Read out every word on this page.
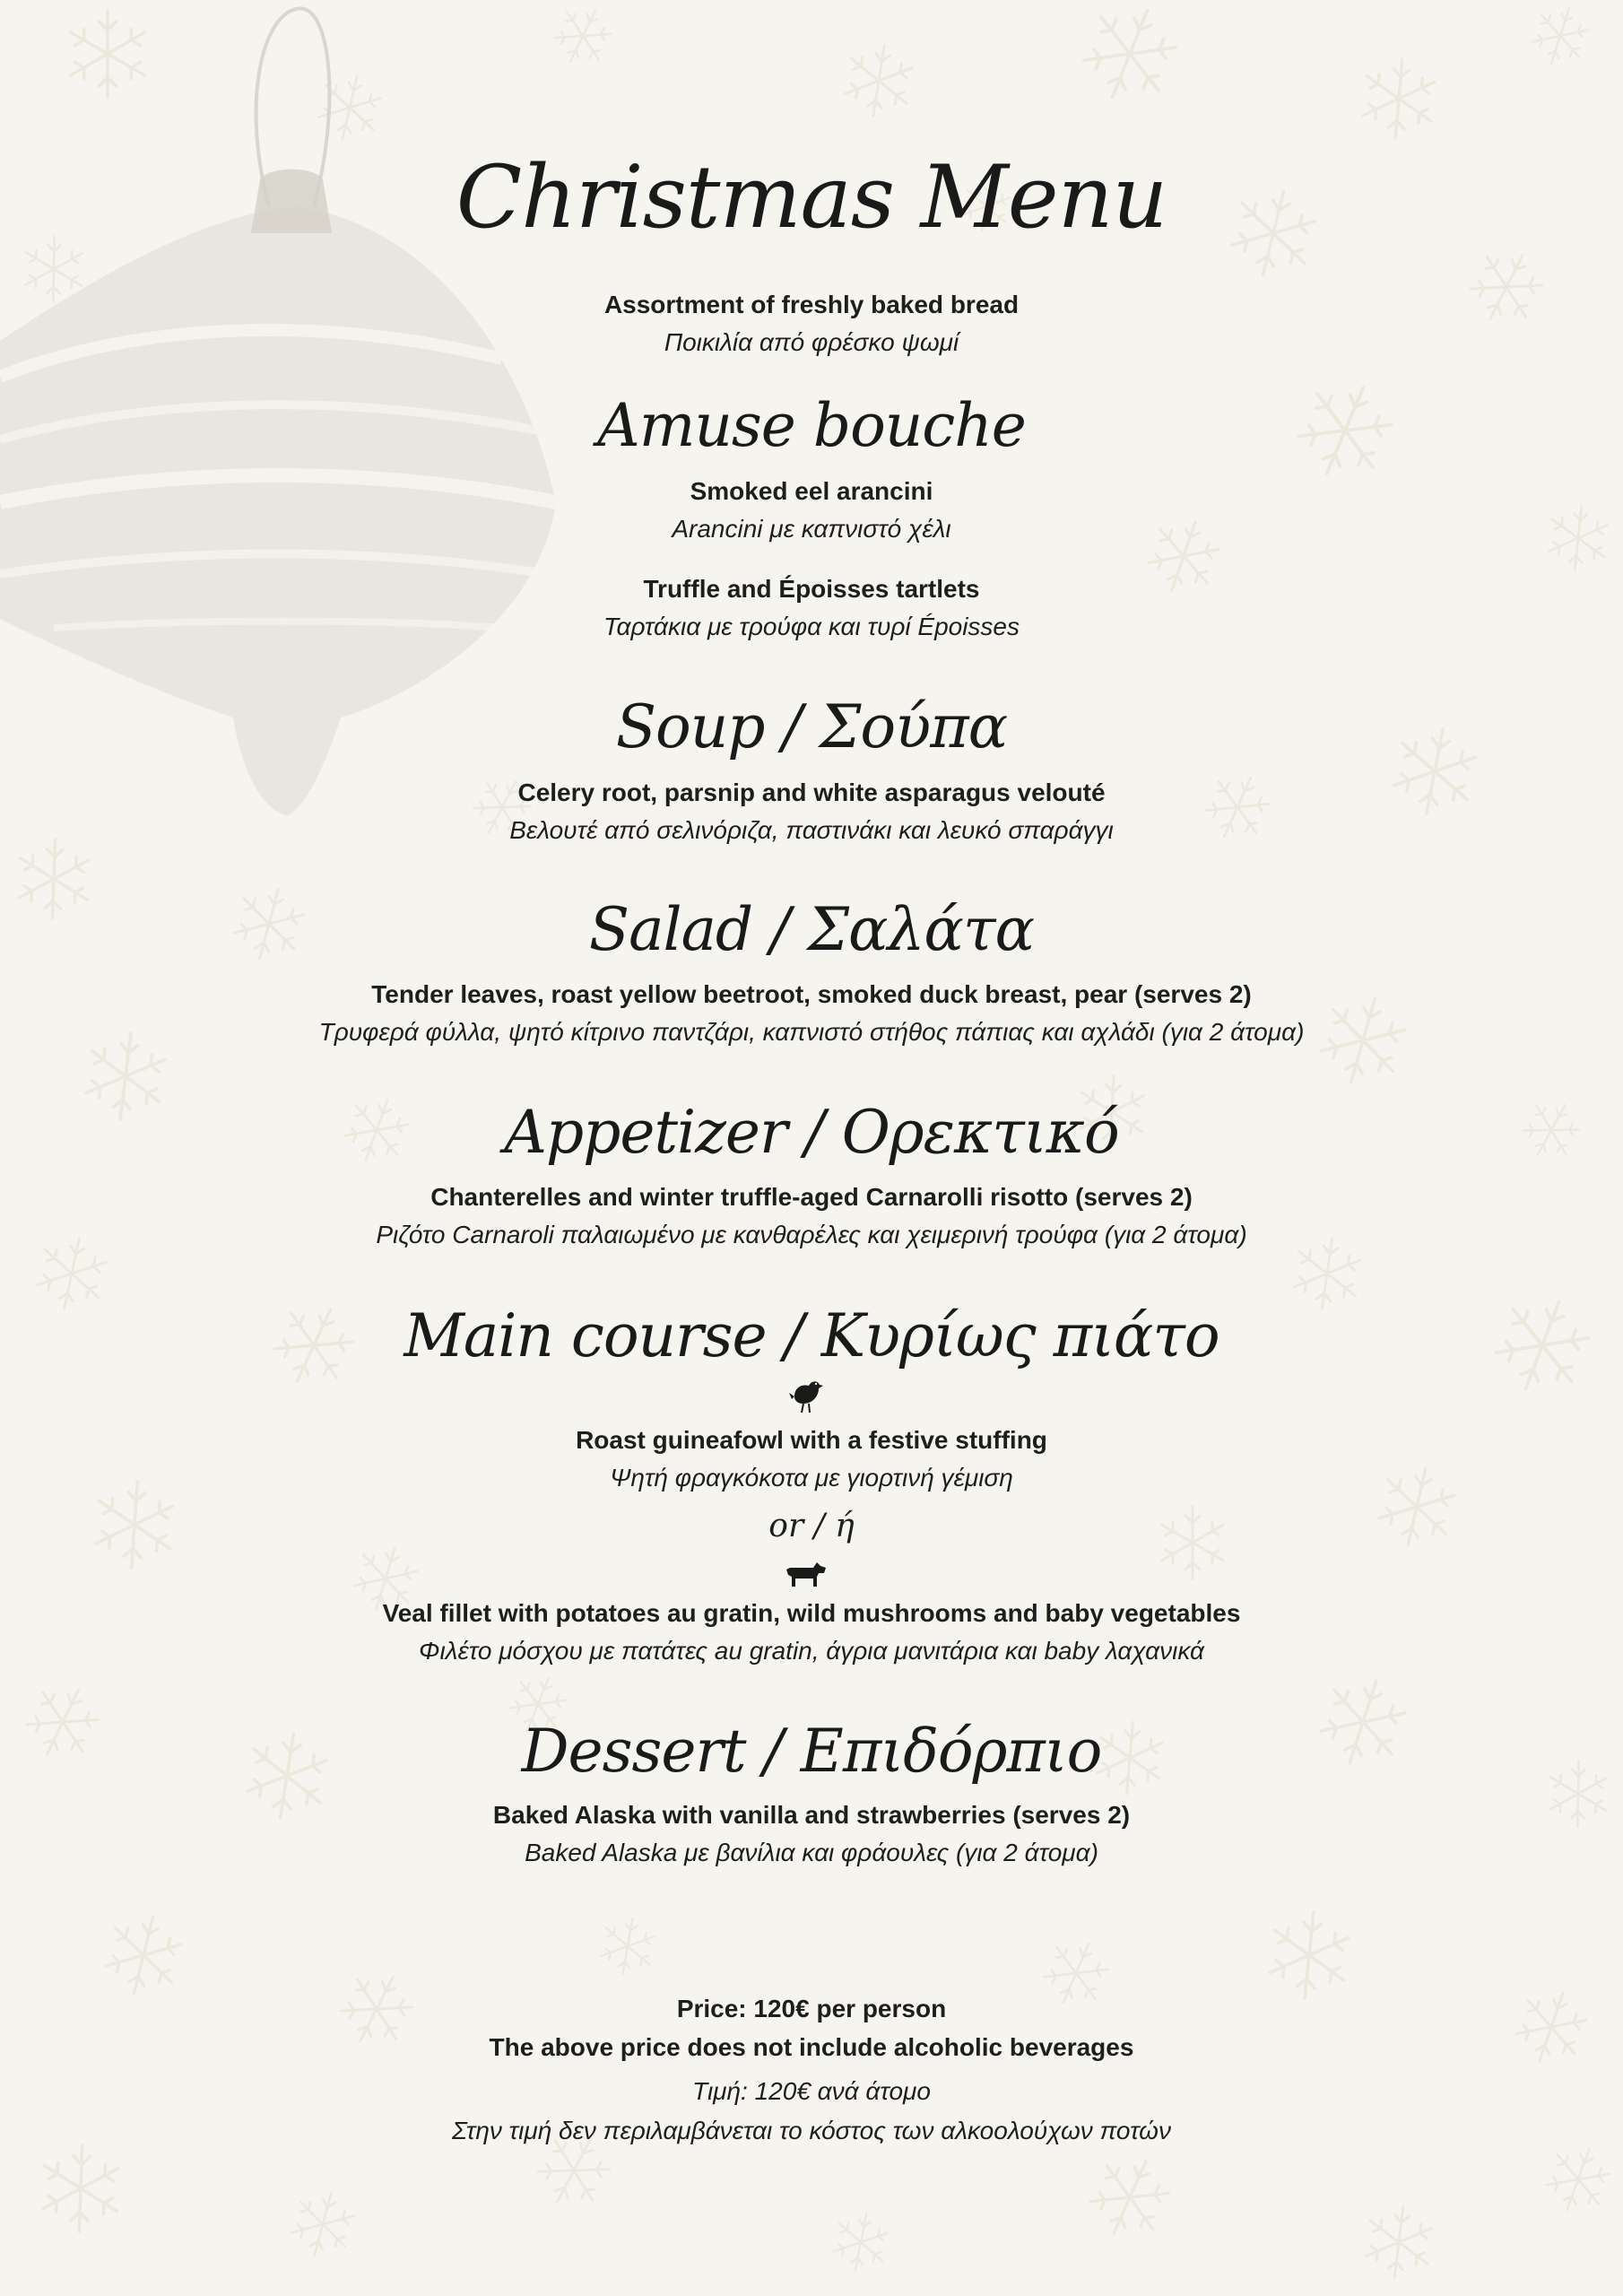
Christmas Menu
Assortment of freshly baked bread
Ποικιλία από φρέσκο ψωμί
Amuse bouche
Smoked eel arancini
Arancini με καπνιστό χέλι
Truffle and Époisses tartlets
Ταρτάκια με τρούφα και τυρί Époisses
Soup / Σούπα
Celery root, parsnip and white asparagus velouté
Βελουτέ από σελινόριζα, παστινάκι και λευκό σπαράγγι
Salad / Σαλάτα
Tender leaves, roast yellow beetroot, smoked duck breast, pear (serves 2)
Τρυφερά φύλλα, ψητό κίτρινο παντζάρι, καπνιστό στήθος πάπιας και αχλάδι (για 2 άτομα)
Appetizer / Ορεκτικό
Chanterelles and winter truffle-aged Carnarolli risotto (serves 2)
Ριζότο Carnaroli παλαιωμένο με κανθαρέλες και χειμερινή τρούφα (για 2 άτομα)
Main course / Κυρίως πιάτο
Roast guineafowl with a festive stuffing
Ψητή φραγκόκοτα με γιορτινή γέμιση
or / ή
Veal fillet with potatoes au gratin, wild mushrooms and baby vegetables
Φιλέτο μόσχου με πατάτες au gratin, άγρια μανιτάρια και baby λαχανικά
Dessert / Επιδόρπιο
Baked Alaska with vanilla and strawberries (serves 2)
Baked Alaska με βανίλια και φράουλες (για 2 άτομα)
Price: 120€ per person
The above price does not include alcoholic beverages
Τιμή: 120€ ανά άτομο
Στην τιμή δεν περιλαμβάνεται το κόστος των αλκοολούχων ποτών
